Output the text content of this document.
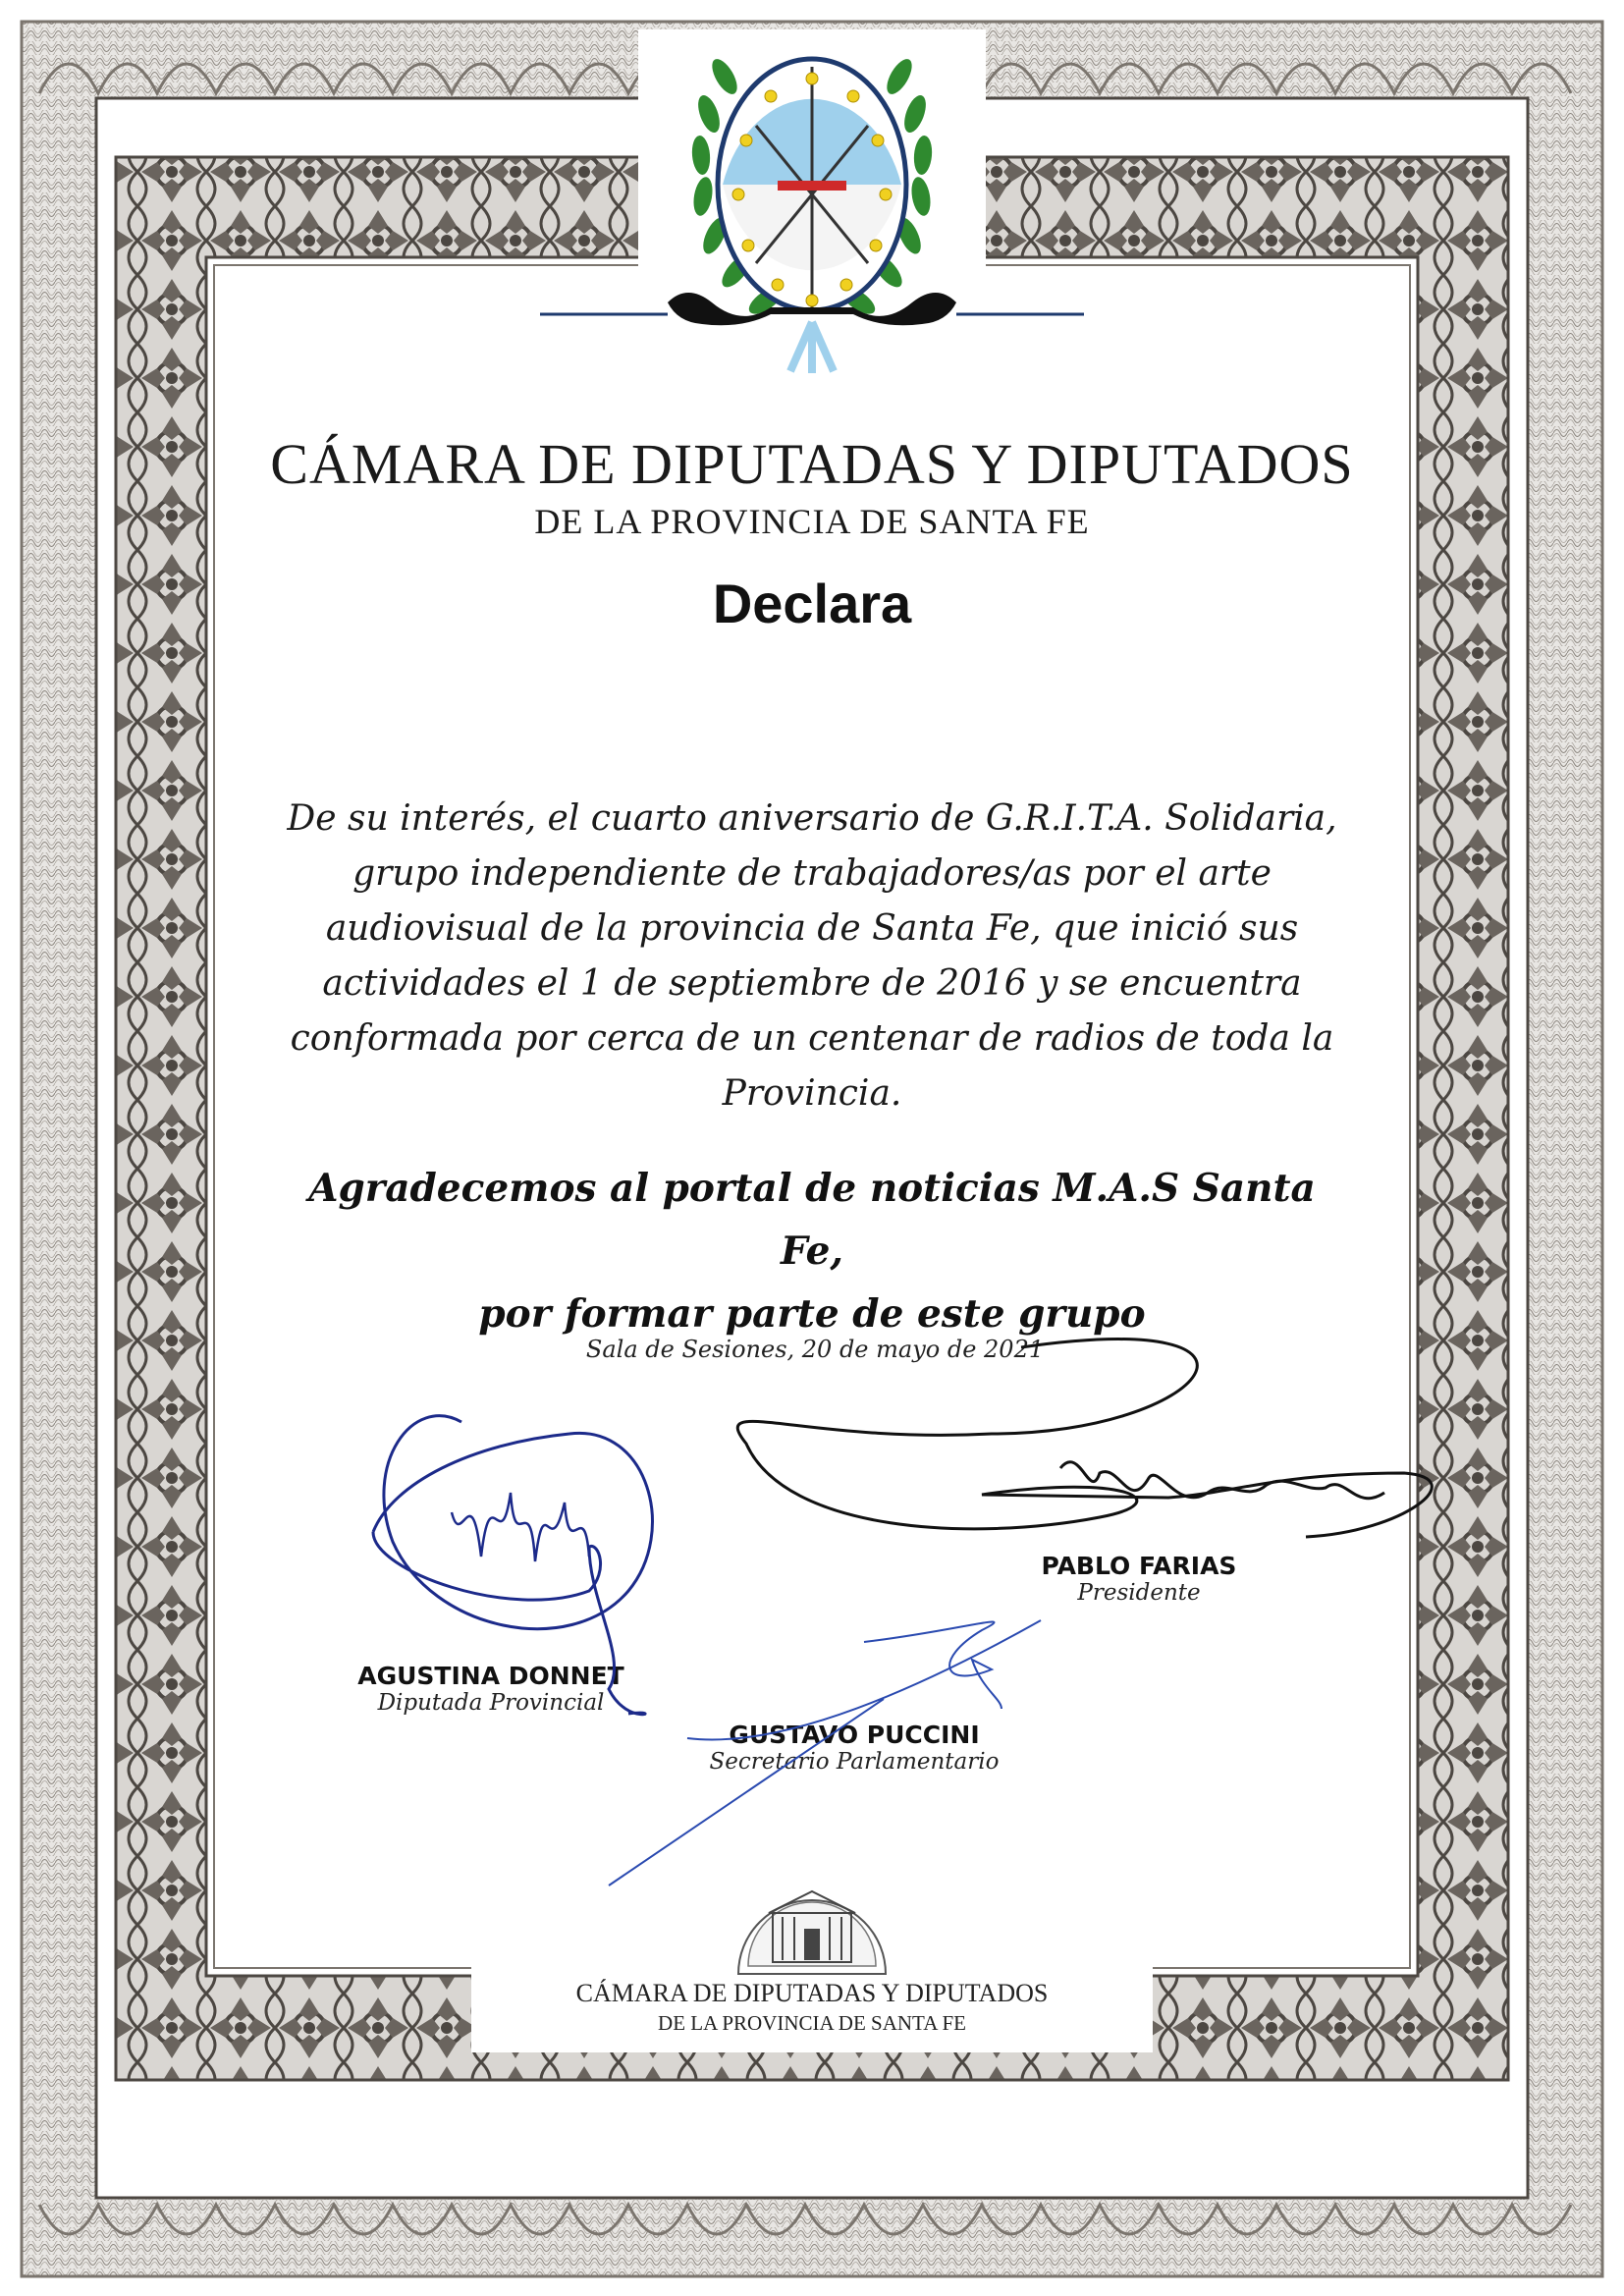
CÁMARA DE DIPUTADAS Y DIPUTADOS
DE LA PROVINCIA DE SANTA FE
Declara
De su interés, el cuarto aniversario de G.R.I.T.A. Solidaria,
grupo independiente de trabajadores/as por el arte
audiovisual de la provincia de Santa Fe, que inició sus
actividades el 1 de septiembre de 2016 y se encuentra
conformada por cerca de un centenar de radios de toda la
Provincia.
Agradecemos al portal de noticias M.A.S Santa Fe,
por formar parte de este grupo
Sala de Sesiones, 20 de mayo de 2021
PABLO FARIAS
Presidente
AGUSTINA DONNET
Diputada Provincial
GUSTAVO PUCCINI
Secretario Parlamentario
CÁMARA DE DIPUTADAS Y DIPUTADOS
DE LA PROVINCIA DE SANTA FE
